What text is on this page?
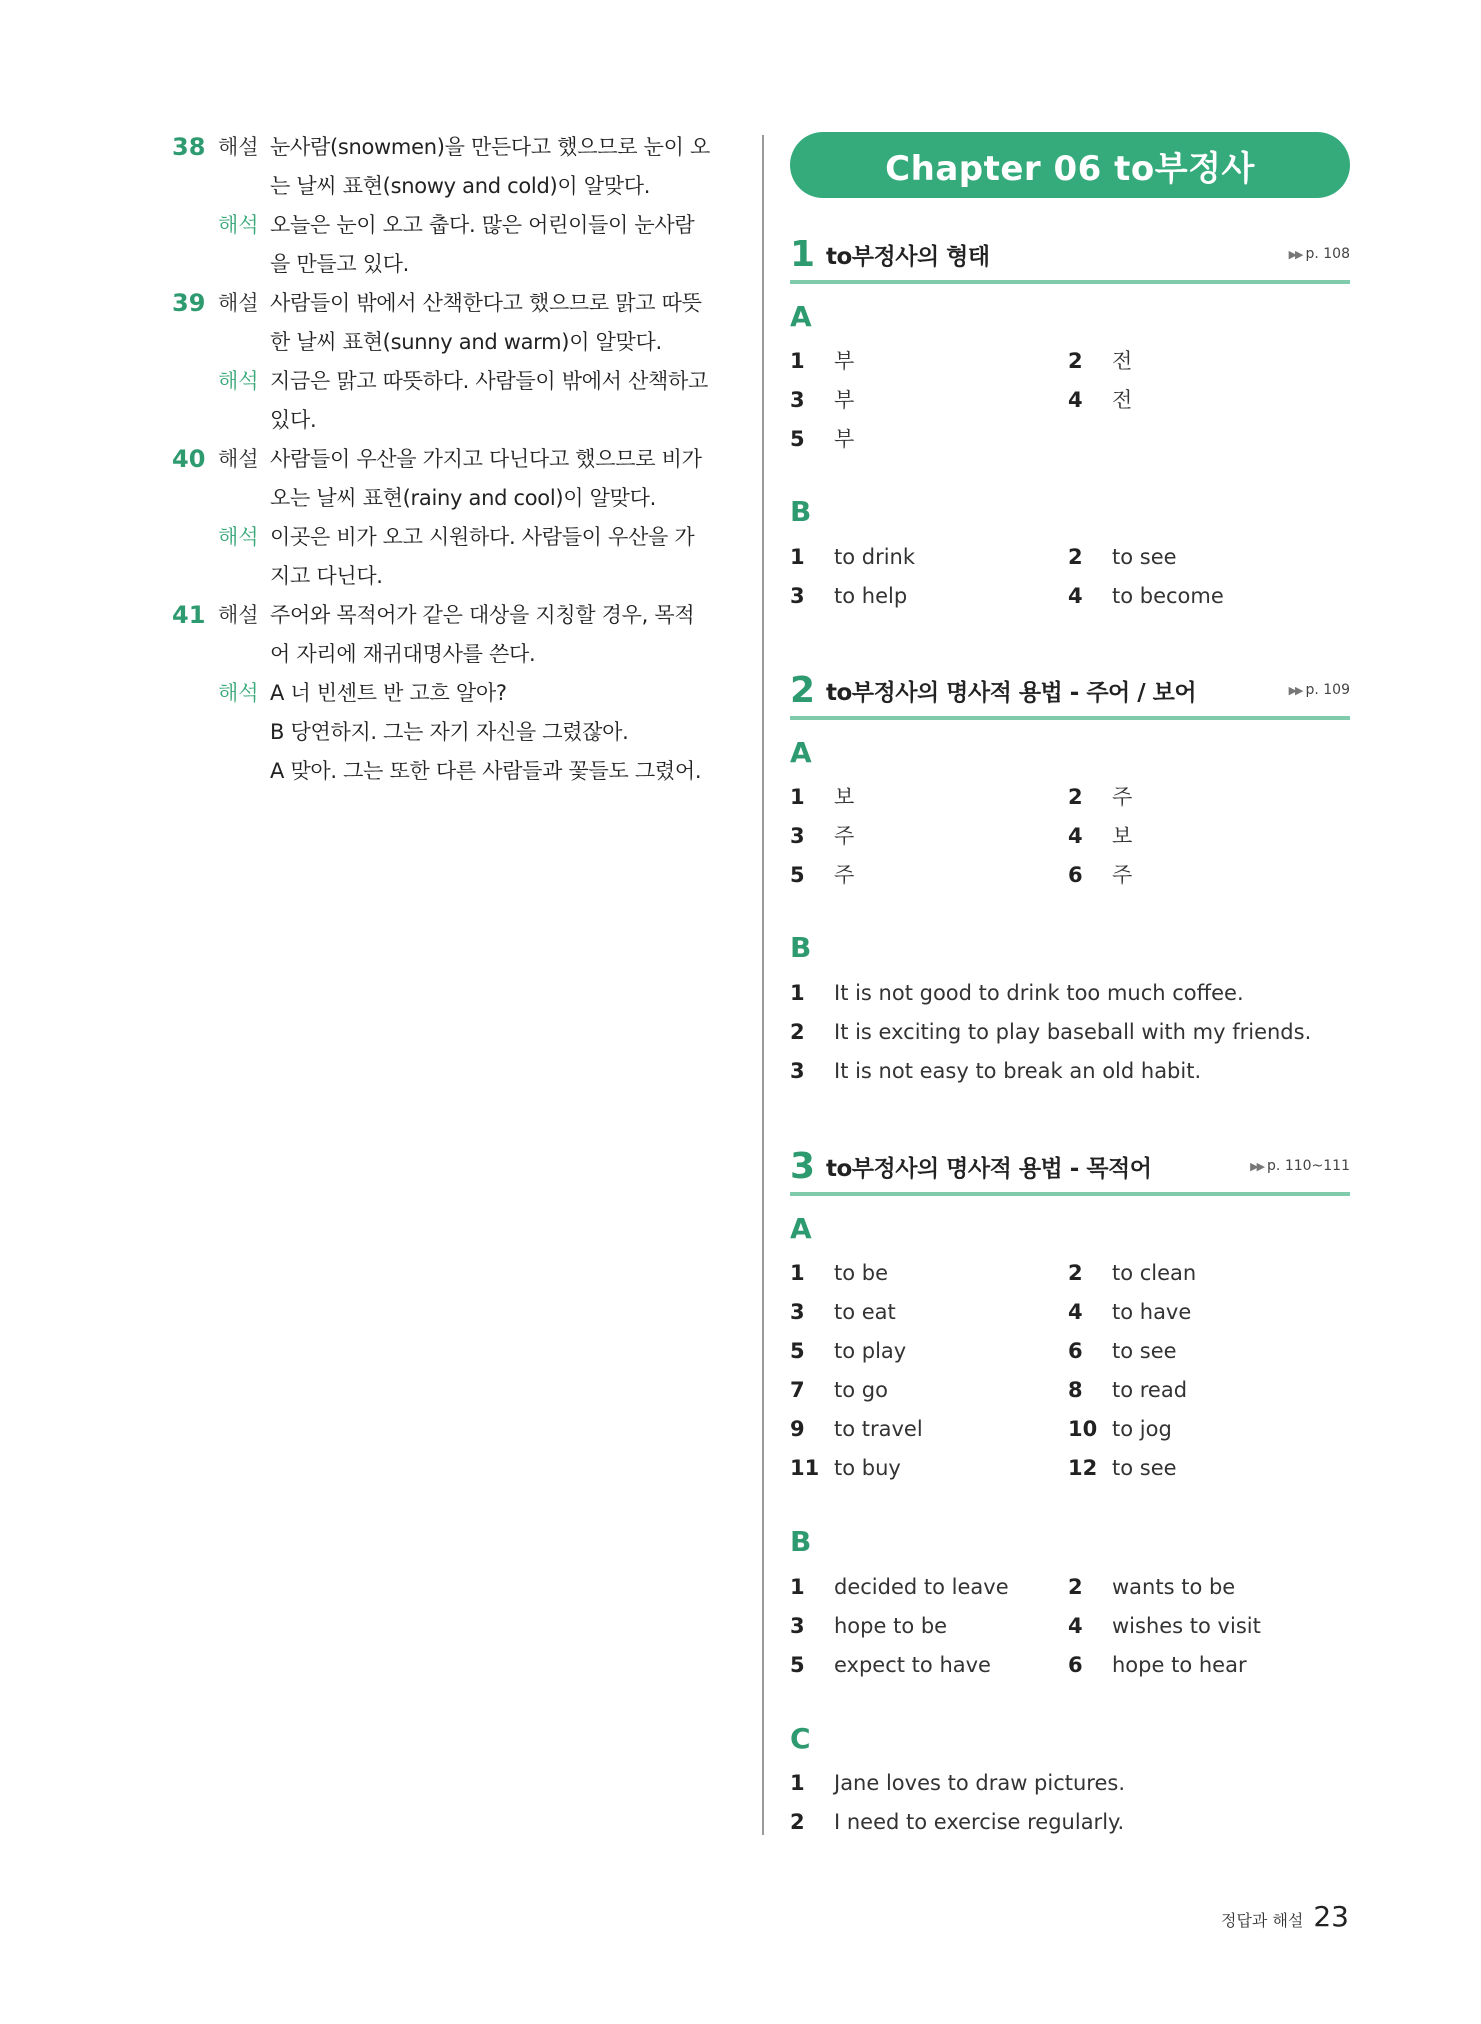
38 해설 눈사람(snowmen)을 만든다고 했으므로 눈이 오
는 날씨 표현(snowy and cold)이 알맞다.
해석 오늘은 눈이 오고 춥다. 많은 어린이들이 눈사람
을 만들고 있다.
39 해설 사람들이 밖에서 산책한다고 했으므로 맑고 따뜻
한 날씨 표현(sunny and warm)이 알맞다.
해석 지금은 맑고 따뜻하다. 사람들이 밖에서 산책하고
있다.
40 해설 사람들이 우산을 가지고 다닌다고 했으므로 비가
오는 날씨 표현(rainy and cool)이 알맞다.
해석 이곳은 비가 오고 시원하다. 사람들이 우산을 가
지고 다닌다.
41 해설 주어와 목적어가 같은 대상을 지칭할 경우, 목적
어 자리에 재귀대명사를 쓴다.
해석 A 너 빈센트 반 고흐 알아?
B 당연하지. 그는 자기 자신을 그렸잖아.
A 맞아. 그는 또한 다른 사람들과 꽃들도 그렸어.
Chapter 06 to부정사
1 to부정사의 형태	▶▶ p. 108
A
1	부	2	전
3	부	4	전
5	부
B
1	to drink	2	to see
3	to help	4	to become
2 to부정사의 명사적 용법 - 주어 / 보어	▶▶ p. 109
A
1	보	2	주
3	주	4	보
5	주	6	주
B
1	It is not good to drink too much coffee.
2	It is exciting to play baseball with my friends.
3	It is not easy to break an old habit.
3 to부정사의 명사적 용법 - 목적어	▶▶ p. 110~111
A
1	to be	2	to clean
3	to eat	4	to have
5	to play	6	to see
7	to go	8	to read
9	to travel	10 to jog
11 to buy	12 to see
B
1	decided to leave	2	wants to be
3	hope to be	4	wishes to visit
5	expect to have	6	hope to hear
C
1	Jane loves to draw pictures.
2	I need to exercise regularly.
정답과 해설 23
